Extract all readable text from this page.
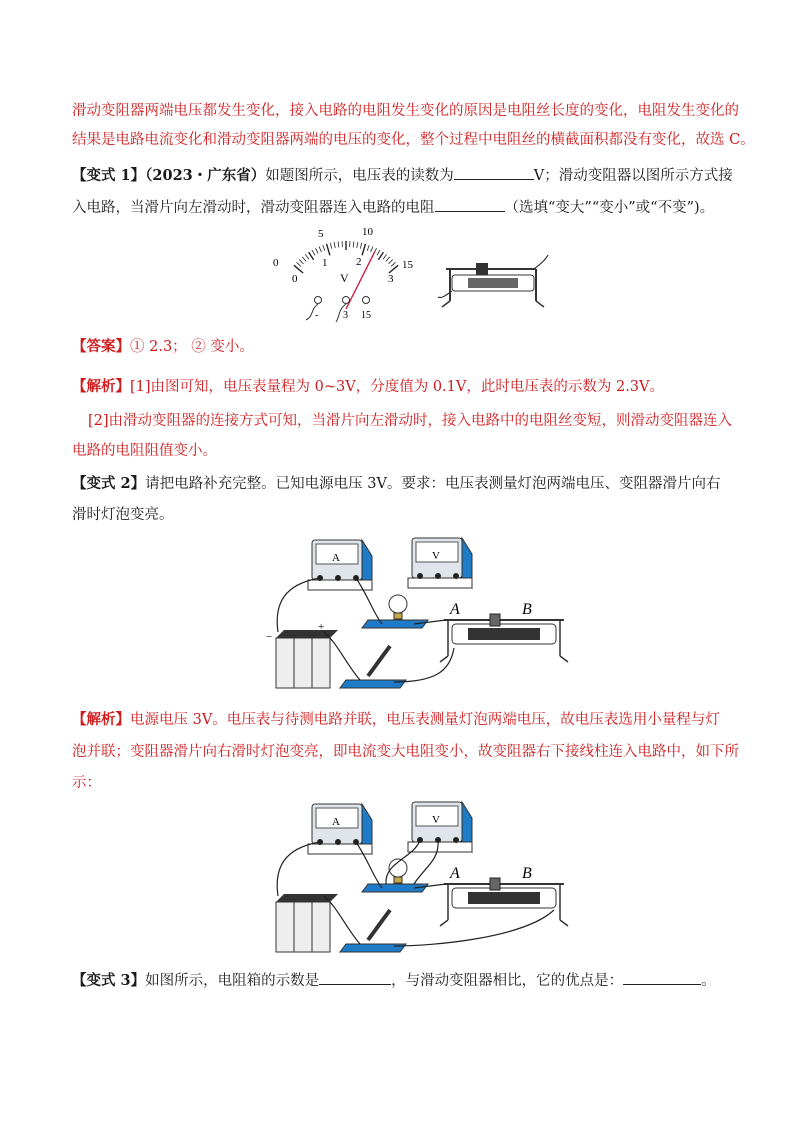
滑动变阻器两端电压都发生变化，接入电路的电阻发生变化的原因是电阻丝长度的变化，电阻发生变化的
结果是电路电流变化和滑动变阻器两端的电压的变化，整个过程中电阻丝的横截面积都没有变化，故选 C。
【变式 1】（2023・广东省）如题图所示，电压表的读数为	V；滑动变阻器以图所示方式接
入电路，当滑片向左滑动时，滑动变阻器连入电路的电阻	（选填“变大”“变小”或“不变”)。
0
5	10
15
0
1	2
3
V
- 3 15
【答案】① 2.3； ② 变小。
【解析】[1]由图可知，电压表量程为 0~3V，分度值为 0.1V，此时电压表的示数为 2.3V。
[2]由滑动变阻器的连接方式可知，当滑片向左滑动时，接入电路中的电阻丝变短，则滑动变阻器连入
电路的电阻阻值变小。
【变式 2】请把电路补充完整。已知电源电压 3V。要求：电压表测量灯泡两端电压、变阻器滑片向右
滑时灯泡变亮。
A	V
A	B
−
+
【解析】电源电压 3V。电压表与待测电路并联，电压表测量灯泡两端电压，故电压表选用小量程与灯
泡并联；变阻器滑片向右滑时灯泡变亮，即电流变大电阻变小，故变阻器右下接线柱连入电路中，如下所
示：
A	V
A	B
【变式 3】如图所示，电阻箱的示数是	，与滑动变阻器相比，它的优点是：	。
